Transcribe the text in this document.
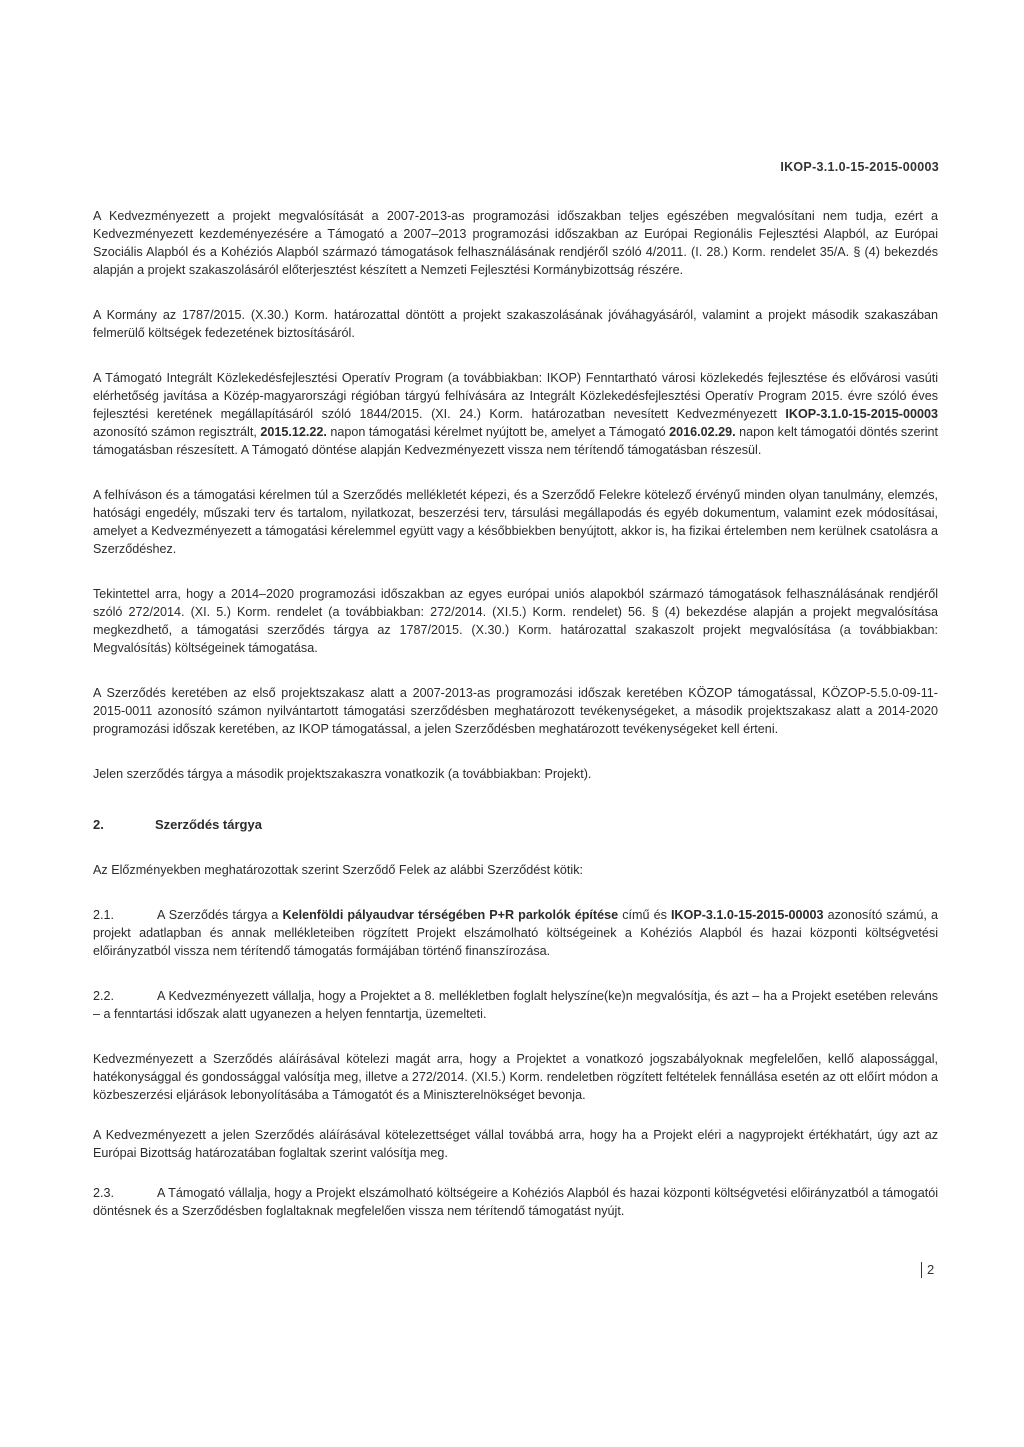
IKOP-3.1.0-15-2015-00003

A Kedvezményezett a projekt megvalósítását a 2007-2013-as programozási időszakban teljes egészében megvalósítani nem tudja, ezért a Kedvezményezett kezdeményezésére a Támogató a 2007–2013 programozási időszakban az Európai Regionális Fejlesztési Alapból, az Európai Szociális Alapból és a Kohéziós Alapból származó támogatások felhasználásának rendjéről szóló 4/2011. (I. 28.) Korm. rendelet 35/A. § (4) bekezdés alapján a projekt szakaszolásáról előterjesztést készített a Nemzeti Fejlesztési Kormánybizottság részére.

A Kormány az 1787/2015. (X.30.) Korm. határozattal döntött a projekt szakaszolásának jóváhagyásáról, valamint a projekt második szakaszában felmerülő költségek fedezetének biztosításáról.

A Támogató Integrált Közlekedésfejlesztési Operatív Program (a továbbiakban: IKOP) Fenntartható városi közlekedés fejlesztése és elővárosi vasúti elérhetőség javítása a Közép-magyarországi régióban tárgyú felhívására az Integrált Közlekedésfejlesztési Operatív Program 2015. évre szóló éves fejlesztési keretének megállapításáról szóló 1844/2015. (XI. 24.) Korm. határozatban nevesített Kedvezményezett IKOP-3.1.0-15-2015-00003 azonosító számon regisztrált, 2015.12.22. napon támogatási kérelmet nyújtott be, amelyet a Támogató 2016.02.29. napon kelt támogatói döntés szerint támogatásban részesített. A Támogató döntése alapján Kedvezményezett vissza nem térítendő támogatásban részesül.

A felhíváson és a támogatási kérelmen túl a Szerződés mellékletét képezi, és a Szerződő Felekre kötelező érvényű minden olyan tanulmány, elemzés, hatósági engedély, műszaki terv és tartalom, nyilatkozat, beszerzési terv, társulási megállapodás és egyéb dokumentum, valamint ezek módosításai, amelyet a Kedvezményezett a támogatási kérelemmel együtt vagy a későbbiekben benyújtott, akkor is, ha fizikai értelemben nem kerülnek csatolásra a Szerződéshez.

Tekintettel arra, hogy a 2014–2020 programozási időszakban az egyes európai uniós alapokból származó támogatások felhasználásának rendjéről szóló 272/2014. (XI. 5.) Korm. rendelet (a továbbiakban: 272/2014. (XI.5.) Korm. rendelet) 56. § (4) bekezdése alapján a projekt megvalósítása megkezdhető, a támogatási szerződés tárgya az 1787/2015. (X.30.) Korm. határozattal szakaszolt projekt megvalósítása (a továbbiakban: Megvalósítás) költségeinek támogatása.

A Szerződés keretében az első projektszakasz alatt a 2007-2013-as programozási időszak keretében KÖZOP támogatással, KÖZOP-5.5.0-09-11-2015-0011 azonosító számon nyilvántartott támogatási szerződésben meghatározott tevékenységeket, a második projektszakasz alatt a 2014-2020 programozási időszak keretében, az IKOP támogatással, a jelen Szerződésben meghatározott tevékenységeket kell érteni.

Jelen szerződés tárgya a második projektszakaszra vonatkozik (a továbbiakban: Projekt).

2.	Szerződés tárgya

Az Előzményekben meghatározottak szerint Szerződő Felek az alábbi Szerződést kötik:

2.1.	A Szerződés tárgya a Kelenföldi pályaudvar térségében P+R parkolók építése című és IKOP-3.1.0-15-2015-00003 azonosító számú, a projekt adatlapban és annak mellékleteiben rögzített Projekt elszámolható költségeinek a Kohéziós Alapból és hazai központi költségvetési előirányzatból vissza nem térítendő támogatás formájában történő finanszírozása.

2.2.	A Kedvezményezett vállalja, hogy a Projektet a 8. mellékletben foglalt helyszíne(ke)n megvalósítja, és azt – ha a Projekt esetében releváns – a fenntartási időszak alatt ugyanezen a helyen fenntartja, üzemelteti.

Kedvezményezett a Szerződés aláírásával kötelezi magát arra, hogy a Projektet a vonatkozó jogszabályoknak megfelelően, kellő alapossággal, hatékonysággal és gondossággal valósítja meg, illetve a 272/2014. (XI.5.) Korm. rendeletben rögzített feltételek fennállása esetén az ott előírt módon a közbeszerzési eljárások lebonyolításába a Támogatót és a Miniszterelnökséget bevonja.

A Kedvezményezett a jelen Szerződés aláírásával kötelezettséget vállal továbbá arra, hogy ha a Projekt eléri a nagyprojekt értékhatárt, úgy azt az Európai Bizottság határozatában foglaltak szerint valósítja meg.

2.3.	A Támogató vállalja, hogy a Projekt elszámolható költségeire a Kohéziós Alapból és hazai központi költségvetési előirányzatból a támogatói döntésnek és a Szerződésben foglaltaknak megfelelően vissza nem térítendő támogatást nyújt.

2
